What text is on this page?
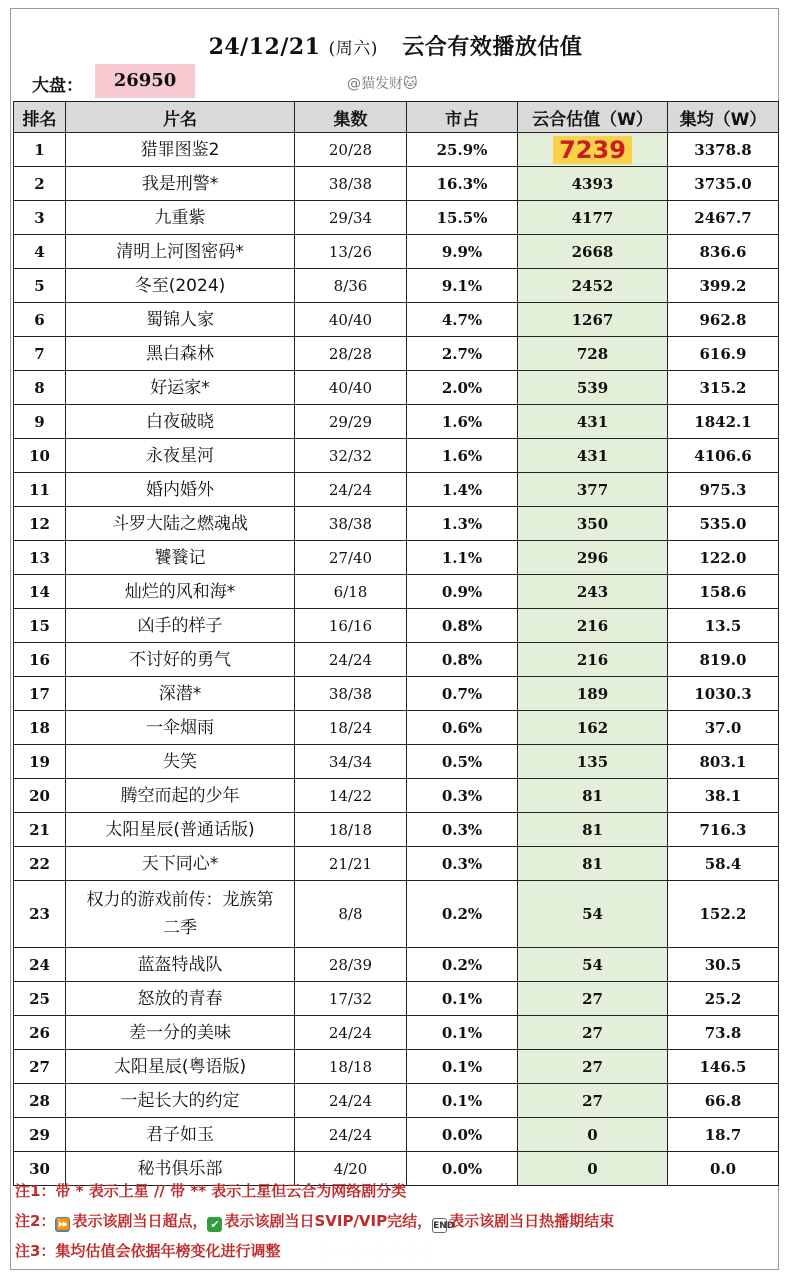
24/12/21 (周六) 云合有效播放估值
大盘：	26950	@猫发财🐱
排名	片名	集数	市占	云合估值（W）	集均（W）
1	猎罪图鉴2	20/28	25.9%	7239	3378.8
2	我是刑警*	38/38	16.3%	4393	3735.0
3	九重紫	29/34	15.5%	4177	2467.7
4	清明上河图密码*	13/26	9.9%	2668	836.6
5	冬至(2024)	8/36	9.1%	2452	399.2
6	蜀锦人家	40/40	4.7%	1267	962.8
7	黑白森林	28/28	2.7%	728	616.9
8	好运家*	40/40	2.0%	539	315.2
9	白夜破晓	29/29	1.6%	431	1842.1
10	永夜星河	32/32	1.6%	431	4106.6
11	婚内婚外	24/24	1.4%	377	975.3
12	斗罗大陆之燃魂战	38/38	1.3%	350	535.0
13	饕餮记	27/40	1.1%	296	122.0
14	灿烂的风和海*	6/18	0.9%	243	158.6
15	凶手的样子	16/16	0.8%	216	13.5
16	不讨好的勇气	24/24	0.8%	216	819.0
17	深潜*	38/38	0.7%	189	1030.3
18	一伞烟雨	18/24	0.6%	162	37.0
19	失笑	34/34	0.5%	135	803.1
20	腾空而起的少年	14/22	0.3%	81	38.1
21	太阳星辰(普通话版)	18/18	0.3%	81	716.3
22	天下同心*	21/21	0.3%	81	58.4
23	权力的游戏前传：龙族第二季	8/8	0.2%	54	152.2
24	蓝盔特战队	28/39	0.2%	54	30.5
25	怒放的青春	17/32	0.1%	27	25.2
26	差一分的美味	24/24	0.1%	27	73.8
27	太阳星辰(粤语版)	18/18	0.1%	27	146.5
28	一起长大的约定	24/24	0.1%	27	66.8
29	君子如玉	24/24	0.0%	0	18.7
30	秘书俱乐部	4/20	0.0%	0	0.0
注1：带 * 表示上星 // 带 ** 表示上星但云合为网络剧分类
注2：⏩ 表示该剧当日超点， ✔ 表示该剧当日SVIP/VIP完结，END表示该剧当日热播期结束
注3：集均估值会依据年榜变化进行调整
